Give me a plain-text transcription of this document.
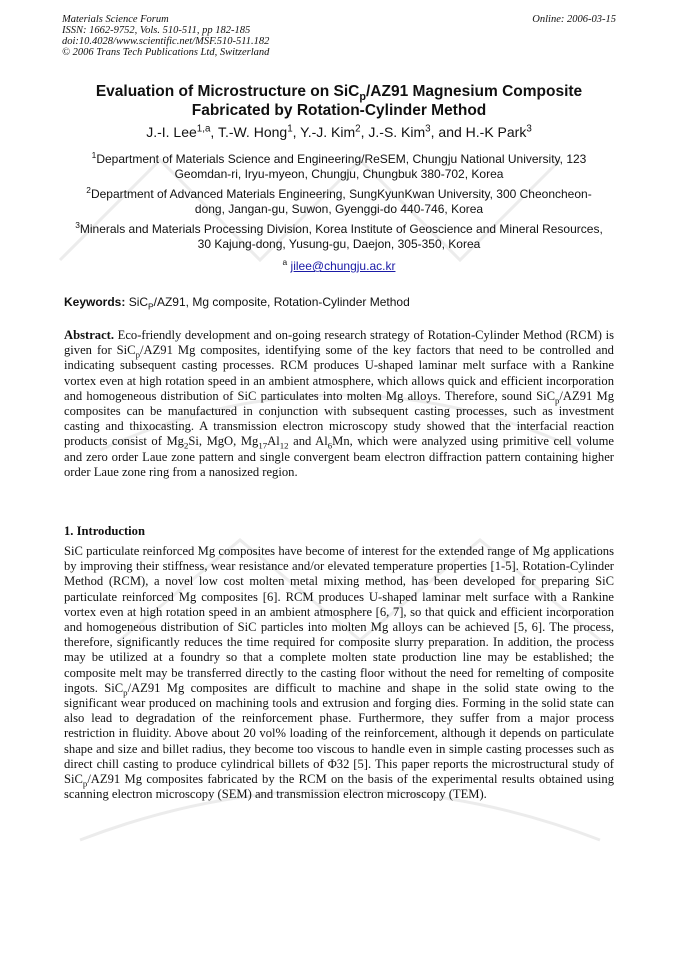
Materials Science Forum
ISSN: 1662-9752, Vols. 510-511, pp 182-185
doi:10.4028/www.scientific.net/MSF.510-511.182
© 2006 Trans Tech Publications Ltd, Switzerland
Online: 2006-03-15
Evaluation of Microstructure on SiC$_p$/AZ91 Magnesium Composite
Fabricated by Rotation-Cylinder Method
J.-I. Lee$^{1,a}$, T.-W. Hong$^1$, Y.-J. Kim$^2$, J.-S. Kim$^3$, and H.-K Park$^3$
$^1$Department of Materials Science and Engineering/ReSEM, Chungju National University, 123
Geomdan-ri, Iryu-myeon, Chungju, Chungbuk 380-702, Korea
$^2$Department of Advanced Materials Engineering, SungKyunKwan University, 300 Cheoncheon-
dong, Jangan-gu, Suwon, Gyenggi-do 440-746, Korea
$^3$Minerals and Materials Processing Division, Korea Institute of Geoscience and Mineral Resources,
30 Kajung-dong, Yusung-gu, Daejon, 305-350, Korea
$^a$ jilee@chungju.ac.kr
Keywords: SiC$_P$/AZ91, Mg composite, Rotation-Cylinder Method

Abstract. Eco-friendly development and on-going research strategy of Rotation-Cylinder Method (RCM) is given for SiC$_p$/AZ91 Mg composites, identifying some of the key factors that need to be controlled and indicating subsequent casting processes. RCM produces U-shaped laminar melt surface with a Rankine vortex even at high rotation speed in an ambient atmosphere, which allows quick and efficient incorporation and homogeneous distribution of SiC particulates into molten Mg alloys. Therefore, sound SiC$_p$/AZ91 Mg composites can be manufactured in conjunction with subsequent casting processes, such as investment casting and thixocasting. A transmission electron microscopy study showed that the interfacial reaction products consist of $Mg_2Si$, MgO, $Mg_{17}Al_{12}$ and $Al_6Mn$, which were analyzed using primitive cell volume and zero order Laue zone pattern and single convergent beam electron diffraction pattern containing higher order Laue zone ring from a nanosized region.

1. Introduction

SiC particulate reinforced Mg composites have become of interest for the extended range of Mg applications by improving their stiffness, wear resistance and/or elevated temperature properties [1-5]. Rotation-Cylinder Method (RCM), a novel low cost molten metal mixing method, has been developed for preparing SiC particulate reinforced Mg composites [6]. RCM produces U-shaped laminar melt surface with a Rankine vortex even at high rotation speed in an ambient atmosphere [6, 7], so that quick and efficient incorporation and homogeneous distribution of SiC particles into molten Mg alloys can be achieved [5, 6]. The process, therefore, significantly reduces the time required for composite slurry preparation. In addition, the process may be utilized at a foundry so that a complete molten state production line may be established; the composite melt may be transferred directly to the casting floor without the need for remelting of composite ingots. SiC$_p$/AZ91 Mg composites are difficult to machine and shape in the solid state owing to the significant wear produced on machining tools and extrusion and forging dies. Forming in the solid state can also lead to degradation of the reinforcement phase. Furthermore, they suffer from a major process restriction in fluidity. Above about 20 vol% loading of the reinforcement, although it depends on particulate shape and size and billet radius, they become too viscous to handle even in simple casting processes such as direct chill casting to produce cylindrical billets of Φ32 [5]. This paper reports the microstructural study of SiC$_p$/AZ91 Mg composites fabricated by the RCM on the basis of the experimental results obtained using scanning electron microscopy (SEM) and transmission electron microscopy (TEM).
